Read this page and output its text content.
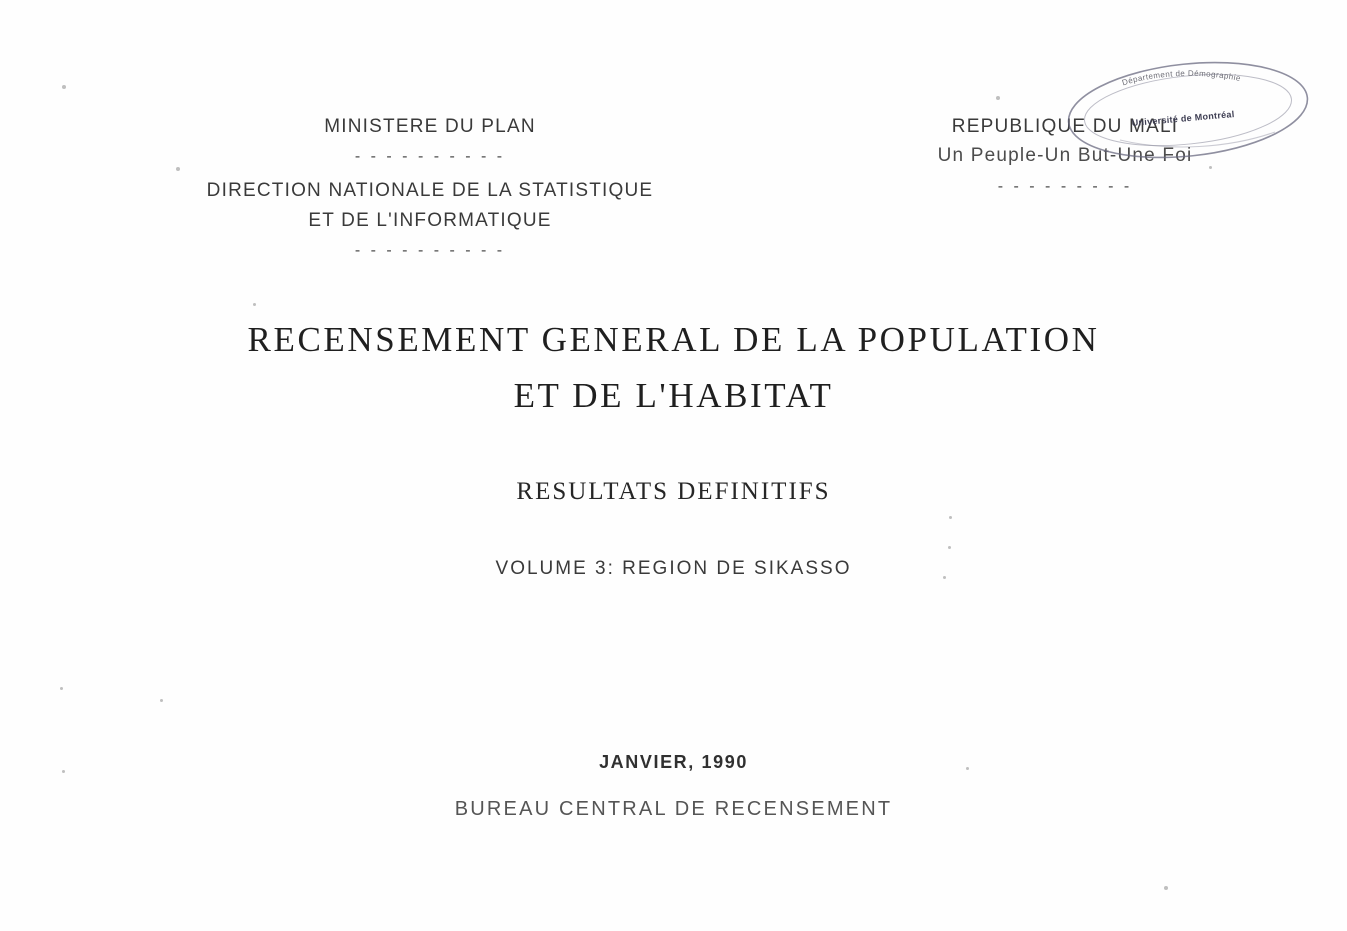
MINISTERE DU PLAN
- - - - - - - - - -
DIRECTION NATIONALE DE LA STATISTIQUE
ET DE L'INFORMATIQUE
- - - - - - - - - -
REPUBLIQUE DU MALI
Un Peuple-Un But-Une Foi
- - - - - - - - -
Département de Démographie
Université de Montréal
RECENSEMENT GENERAL DE LA POPULATION
ET DE L'HABITAT
RESULTATS DEFINITIFS
VOLUME 3: REGION DE SIKASSO
JANVIER, 1990
BUREAU CENTRAL DE RECENSEMENT
